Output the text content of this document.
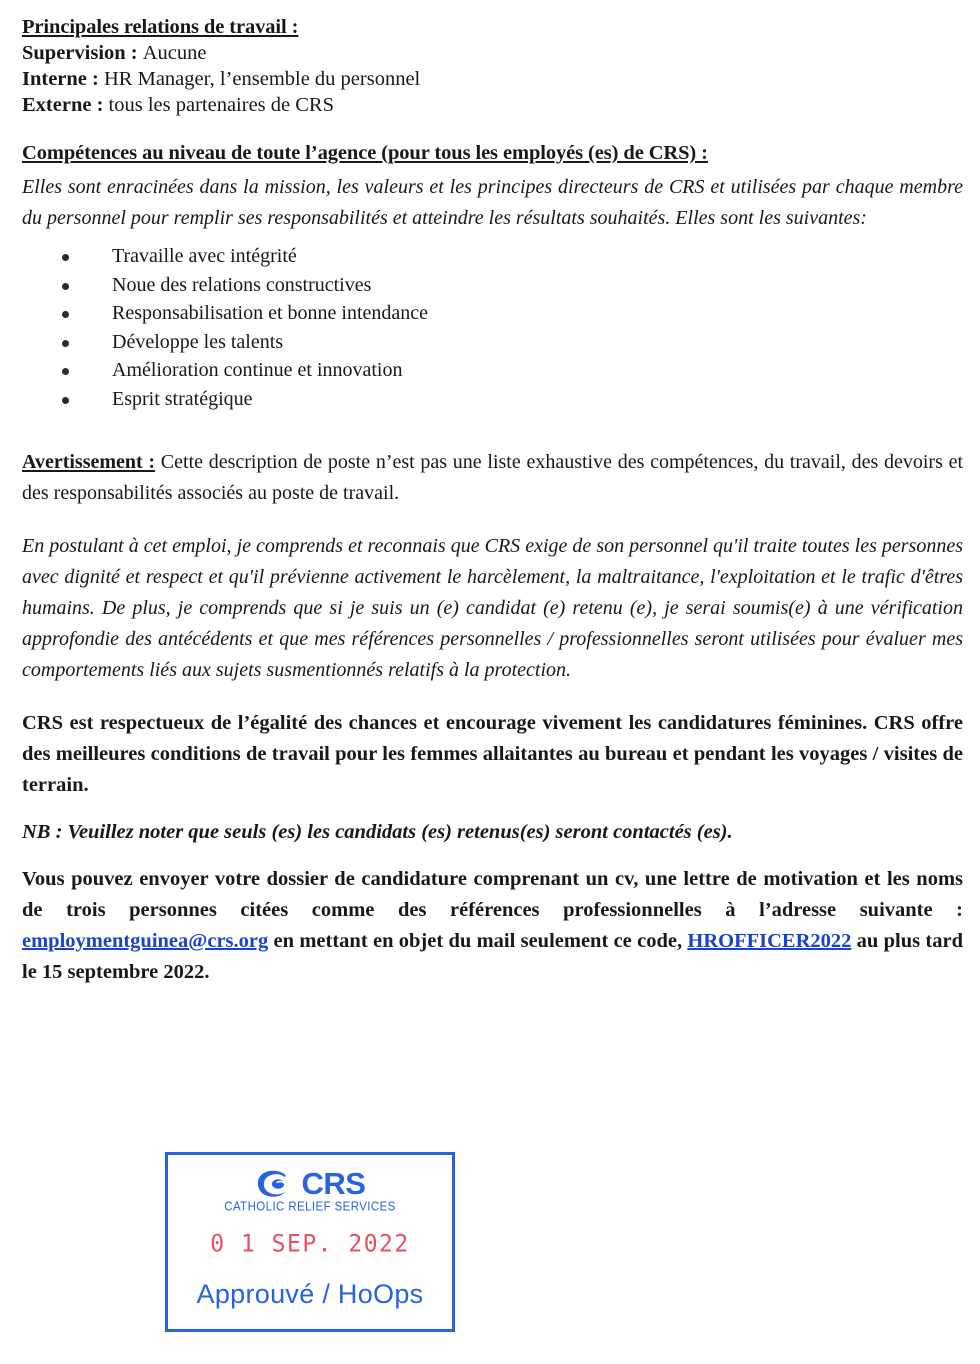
Principales relations de travail :
Supervision : Aucune
Interne : HR Manager, l’ensemble du personnel
Externe : tous les partenaires de CRS
Compétences au niveau de toute l’agence (pour tous les employés (es) de CRS) :

Elles sont enracinées dans la mission, les valeurs et les principes directeurs de CRS et utilisées par chaque membre du personnel pour remplir ses responsabilités et atteindre les résultats souhaités. Elles sont les suivantes:

Travaille avec intégrité
Noue des relations constructives
Responsabilisation et bonne intendance
Développe les talents
Amélioration continue et innovation
Esprit stratégique

Avertissement : Cette description de poste n’est pas une liste exhaustive des compétences, du travail, des devoirs et des responsabilités associés au poste de travail.

En postulant à cet emploi, je comprends et reconnais que CRS exige de son personnel qu'il traite toutes les personnes avec dignité et respect et qu'il prévienne activement le harcèlement, la maltraitance, l'exploitation et le trafic d'êtres humains. De plus, je comprends que si je suis un (e) candidat (e) retenu (e), je serai soumis(e) à une vérification approfondie des antécédents et que mes références personnelles / professionnelles seront utilisées pour évaluer mes comportements liés aux sujets susmentionnés relatifs à la protection.

CRS est respectueux de l’égalité des chances et encourage vivement les candidatures féminines. CRS offre des meilleures conditions de travail pour les femmes allaitantes au bureau et pendant les voyages / visites de terrain.

NB : Veuillez noter que seuls (es) les candidats (es) retenus(es) seront contactés (es).

Vous pouvez envoyer votre dossier de candidature comprenant un cv, une lettre de motivation et les noms de trois personnes citées comme des références professionnelles à l’adresse suivante : employmentguinea@crs.org en mettant en objet du mail seulement ce code, HROFFICER2022 au plus tard le 15 septembre 2022.

CRS
CATHOLIC RELIEF SERVICES
0 1 SEP. 2022
Approuvé / HoOps
